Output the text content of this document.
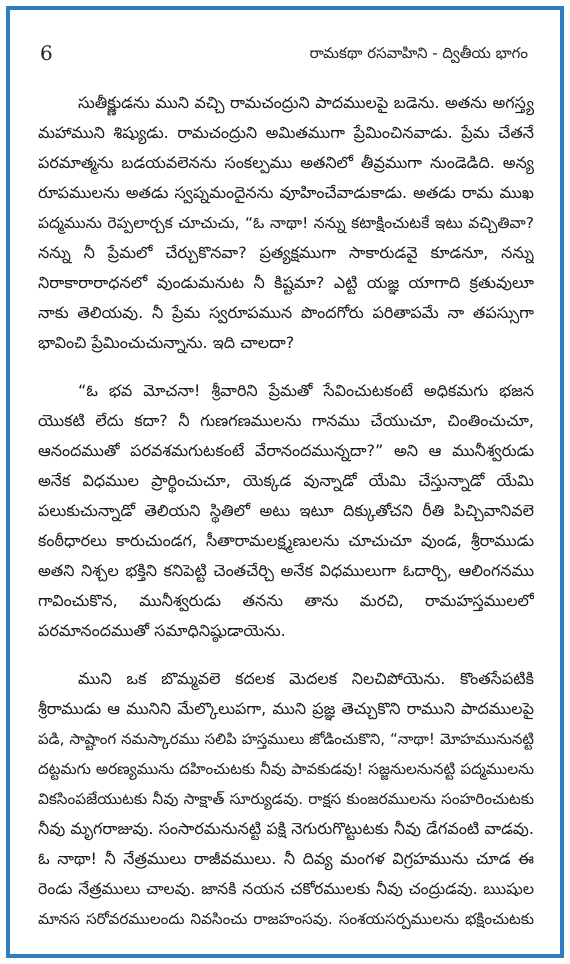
6	రామకథా రసవాహిని - ద్వితీయ భాగం

సుతీక్ష్ణుడను ముని వచ్చి రామచంద్రుని పాదములపై బడెను. అతను అగస్త్య
మహాముని శిష్యుడు. రామచంద్రుని అమితముగా ప్రేమించినవాడు. ప్రేమ చేతనే
పరమాత్మను బడయవలెనను సంకల్పము అతనిలో తీవ్రముగా నుండెడిది. అన్య
రూపములను అతడు స్వప్నమందైనను వూహించేవాడుకాడు. అతడు రామ ముఖ
పద్మమును రెప్పలార్చక చూచుచు, “ఓ నాథా! నన్ను కటాక్షించుటకే ఇటు వచ్చితివా?
నన్ను నీ ప్రేమలో చేర్చుకొనవా? ప్రత్యక్షముగా సాకారుడవై కూడనూ, నన్ను
నిరాకారారాధనలో వుండుమనుట నీ కిష్టమా? ఎట్టి యజ్ఞ యాగాది క్రతువులూ
నాకు తెలియవు. నీ ప్రేమ స్వరూపమున పొందగోరు పరితాపమే నా తపస్సుగా
భావించి ప్రేమించుచున్నాను. ఇది చాలదా?

“ఓ భవ మోచనా! శ్రీవారిని ప్రేమతో సేవించుటకంటే అధికమగు భజన
యొకటి లేదు కదా? నీ గుణగణములను గానము చేయుచూ, చింతించుచూ,
ఆనందముతో పరవశమగుటకంటే వేరానందమున్నదా?” అని ఆ మునీశ్వరుడు
అనేక విధముల ప్రార్థించుచూ, యెక్కడ వున్నాడో యేమి చేస్తున్నాడో యేమి
పలుకుచున్నాడో తెలియని స్థితిలో అటు ఇటూ దిక్కుతోచని రీతి పిచ్చివానివలె
కంఠీధారలు కారుచుండగ, సీతారామలక్ష్మణులను చూచుచూ వుండ, శ్రీరాముడు
అతని నిశ్చల భక్తిని కనిపెట్టి చెంతచేర్చి అనేక విధములుగా ఓదార్చి, ఆలింగనము
గావించుకొన, మునీశ్వరుడు తనను తాను మరచి, రామహస్తములలో
పరమానందముతో సమాధినిష్ఠుడాయెను.

ముని ఒక బొమ్మవలె కదలక మెదలక నిలచిపోయెను. కొంతసేపటికి
శ్రీరాముడు ఆ మునిని మేల్కొలుపగా, ముని ప్రజ్ఞ తెచ్చుకొని రాముని పాదములపై
పడి, సాష్టాంగ నమస్కారము సలిపి హస్తములు జోడించుకొని, “నాథా! మోహమునునట్టి
దట్టమగు అరణ్యమును దహించుటకు నీవు పావకుడవు! సజ్జనులనునట్టి పద్మములను
వికసింపజేయుటకు నీవు సాక్షాత్ సూర్యుడవు. రాక్షస కుంజరములను సంహరించుటకు
నీవు మృగరాజువు. సంసారమనునట్టి పక్షి నెగురుగొట్టుటకు నీవు డేగవంటి వాడవు.
ఓ నాథా! నీ నేత్రములు రాజీవములు. నీ దివ్య మంగళ విగ్రహమును చూడ ఈ
రెండు నేత్రములు చాలవు. జానకి నయన చకోరములకు నీవు చంద్రుడవు. ఋషుల
మానస సరోవరములందు నివసించు రాజహంసవు. సంశయసర్పములను భక్షించుటకు
